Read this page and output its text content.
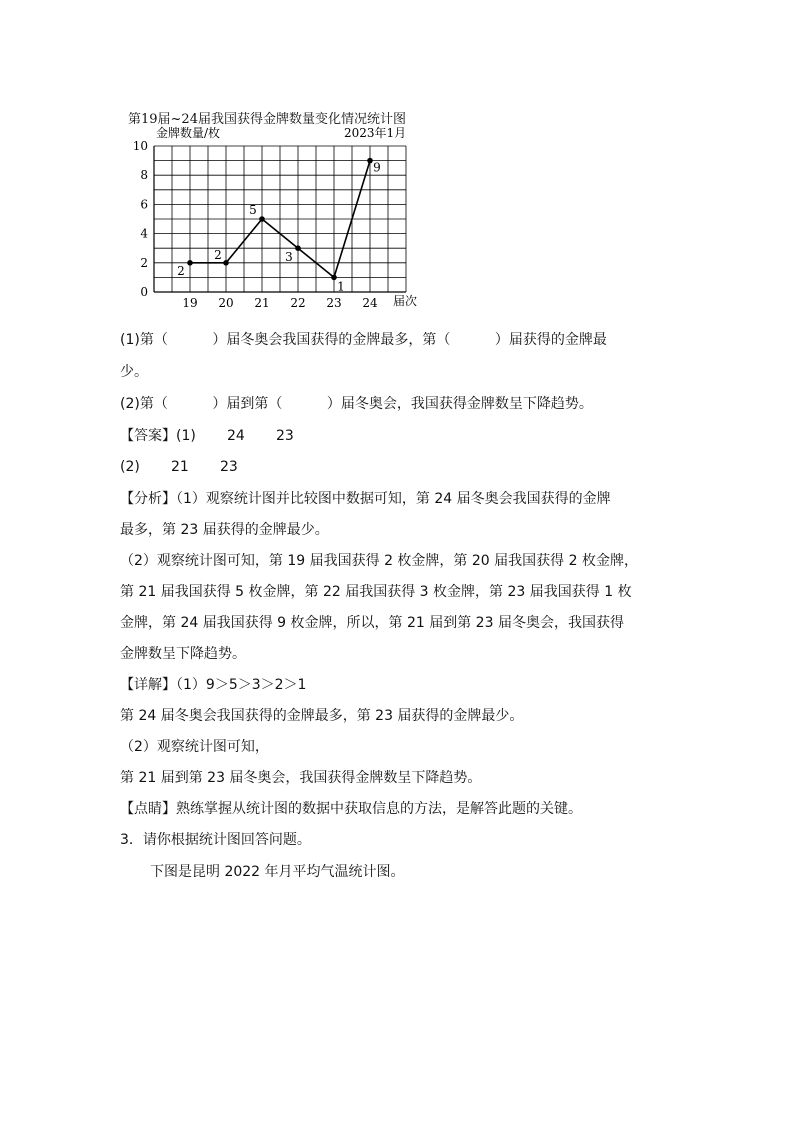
第19届~24届我国获得金牌数量变化情况统计图
0
2
4
6
8
10
19 20 21 22 23 24
2
2
5
3
1
9
金牌数量/枚	2023年1月
届次
(1)第（          ）届冬奥会我国获得的金牌最多，第（          ）届获得的金牌最
少。
(2)第（          ）届到第（          ）届冬奥会，我国获得金牌数呈下降趋势。
【答案】(1)       24       23
(2)       21       23
【分析】（1）观察统计图并比较图中数据可知，第 24 届冬奥会我国获得的金牌
最多，第 23 届获得的金牌最少。
（2）观察统计图可知，第 19 届我国获得 2 枚金牌，第 20 届我国获得 2 枚金牌，
第 21 届我国获得 5 枚金牌，第 22 届我国获得 3 枚金牌，第 23 届我国获得 1 枚
金牌，第 24 届我国获得 9 枚金牌，所以，第 21 届到第 23 届冬奥会，我国获得
金牌数呈下降趋势。
【详解】（1）9＞5＞3＞2＞1
第 24 届冬奥会我国获得的金牌最多，第 23 届获得的金牌最少。
（2）观察统计图可知，
第 21 届到第 23 届冬奥会，我国获得金牌数呈下降趋势。
【点睛】熟练掌握从统计图的数据中获取信息的方法，是解答此题的关键。
3．请你根据统计图回答问题。
下图是昆明 2022 年月平均气温统计图。
